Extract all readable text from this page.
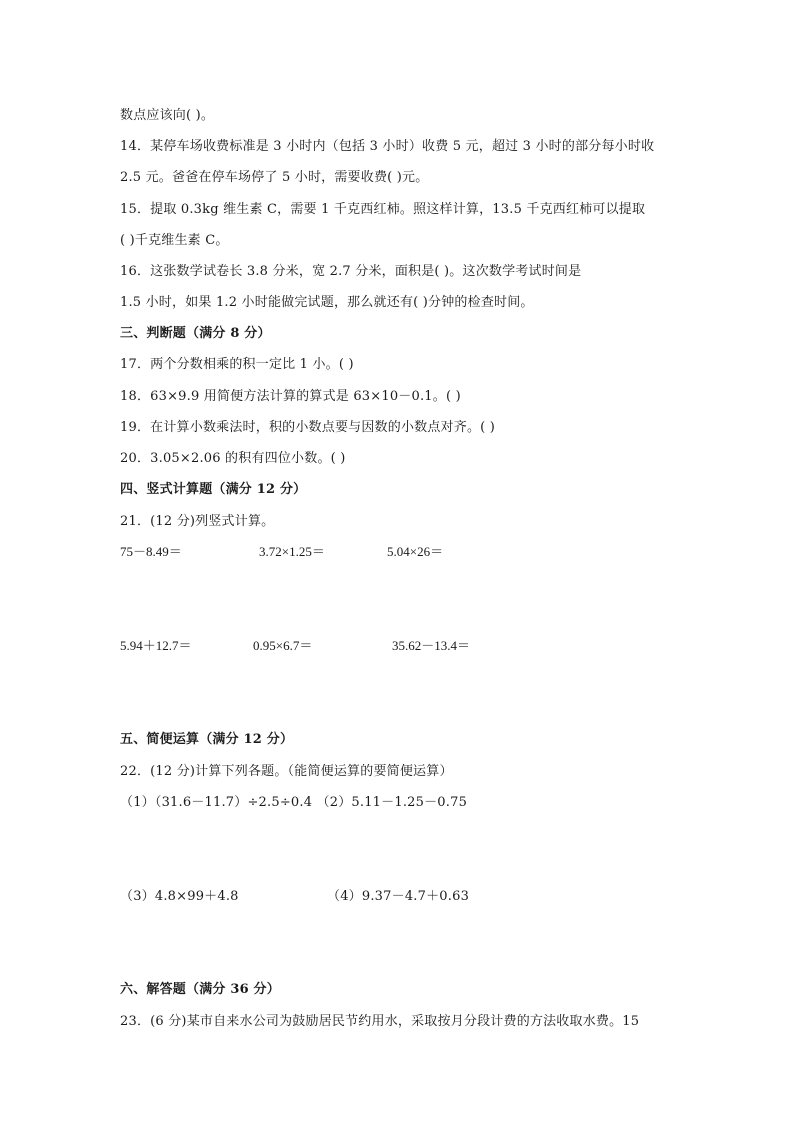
数点应该向( )。
14．某停车场收费标准是 3 小时内（包括 3 小时）收费 5 元，超过 3 小时的部分每小时收
2.5 元。爸爸在停车场停了 5 小时，需要收费( )元。
15．提取 0.3kg 维生素 C，需要 1 千克西红柿。照这样计算，13.5 千克西红柿可以提取
( )千克维生素 C。
16．这张数学试卷长 3.8 分米，宽 2.7 分米，面积是( )。这次数学考试时间是
1.5 小时，如果 1.2 小时能做完试题，那么就还有( )分钟的检查时间。
三、判断题（满分 8 分）
17．两个分数相乘的积一定比 1 小。( )
18．63×9.9 用简便方法计算的算式是 63×10－0.1。( )
19．在计算小数乘法时，积的小数点要与因数的小数点对齐。( )
20．3.05×2.06 的积有四位小数。( )
四、竖式计算题（满分 12 分）
21．(12 分)列竖式计算。
75－8.49＝	3.72×1.25＝	5.04×26＝
5.94＋12.7＝	0.95×6.7＝	35.62－13.4＝
五、简便运算（满分 12 分）
22．(12 分)计算下列各题。（能简便运算的要简便运算）
（1）（31.6－11.7）÷2.5÷0.4 （2）5.11－1.25－0.75
（3）4.8×99＋4.8	（4）9.37－4.7＋0.63
六、解答题（满分 36 分）
23．(6 分)某市自来水公司为鼓励居民节约用水，采取按月分段计费的方法收取水费。15
